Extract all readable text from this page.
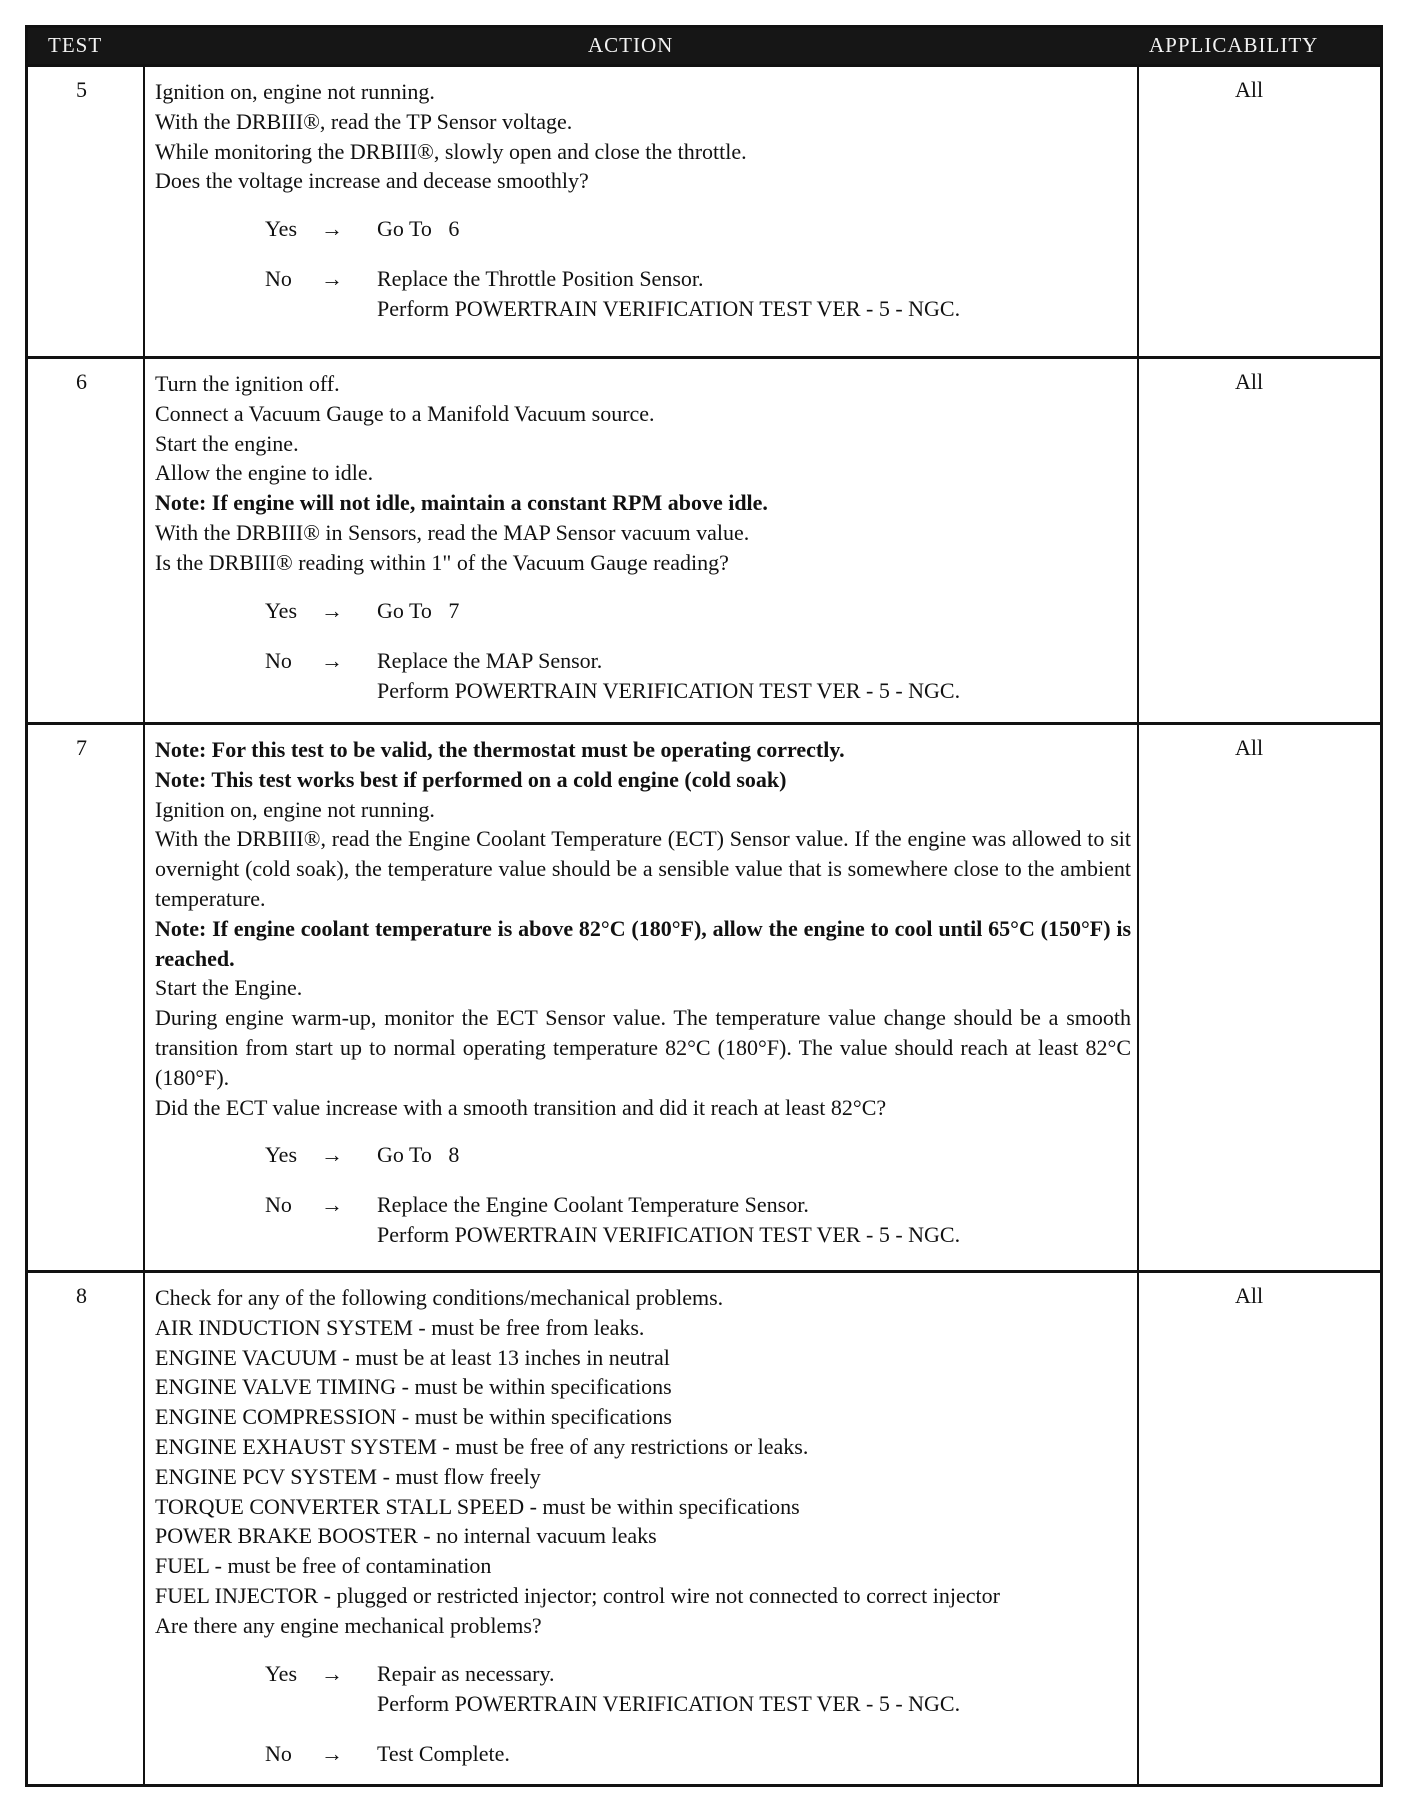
TEST	ACTION	APPLICABILITY
5	Ignition on, engine not running.

With the DRBIII®, read the TP Sensor voltage.

While monitoring the DRBIII®, slowly open and close the throttle.

Does the voltage increase and decease smoothly?

Yes → Go To   6
No → Replace the Throttle Position Sensor.
Perform POWERTRAIN VERIFICATION TEST VER - 5 - NGC.
All
6	Turn the ignition off.

Connect a Vacuum Gauge to a Manifold Vacuum source.

Start the engine.

Allow the engine to idle.

Note: If engine will not idle, maintain a constant RPM above idle.

With the DRBIII® in Sensors, read the MAP Sensor vacuum value.

Is the DRBIII® reading within 1" of the Vacuum Gauge reading?

Yes → Go To   7
No → Replace the MAP Sensor.
Perform POWERTRAIN VERIFICATION TEST VER - 5 - NGC.
All
7	Note: For this test to be valid, the thermostat must be operating correctly.

Note: This test works best if performed on a cold engine (cold soak)

Ignition on, engine not running.

With the DRBIII®, read the Engine Coolant Temperature (ECT) Sensor value. If the engine was allowed to sit overnight (cold soak), the temperature value should be a sensible value that is somewhere close to the ambient temperature.

Note: If engine coolant temperature is above 82°C (180°F), allow the engine to cool until 65°C (150°F) is reached.

Start the Engine.

During engine warm-up, monitor the ECT Sensor value. The temperature value change should be a smooth transition from start up to normal operating temperature 82°C (180°F). The value should reach at least 82°C (180°F).

Did the ECT value increase with a smooth transition and did it reach at least 82°C?

Yes → Go To   8
No → Replace the Engine Coolant Temperature Sensor.
Perform POWERTRAIN VERIFICATION TEST VER - 5 - NGC.
All
8	Check for any of the following conditions/mechanical problems.

AIR INDUCTION SYSTEM - must be free from leaks.

ENGINE VACUUM - must be at least 13 inches in neutral

ENGINE VALVE TIMING - must be within specifications

ENGINE COMPRESSION - must be within specifications

ENGINE EXHAUST SYSTEM - must be free of any restrictions or leaks.

ENGINE PCV SYSTEM - must flow freely

TORQUE CONVERTER STALL SPEED - must be within specifications

POWER BRAKE BOOSTER - no internal vacuum leaks

FUEL - must be free of contamination

FUEL INJECTOR - plugged or restricted injector; control wire not connected to correct injector

Are there any engine mechanical problems?

Yes → Repair as necessary.
Perform POWERTRAIN VERIFICATION TEST VER - 5 - NGC.
No → Test Complete.
All
